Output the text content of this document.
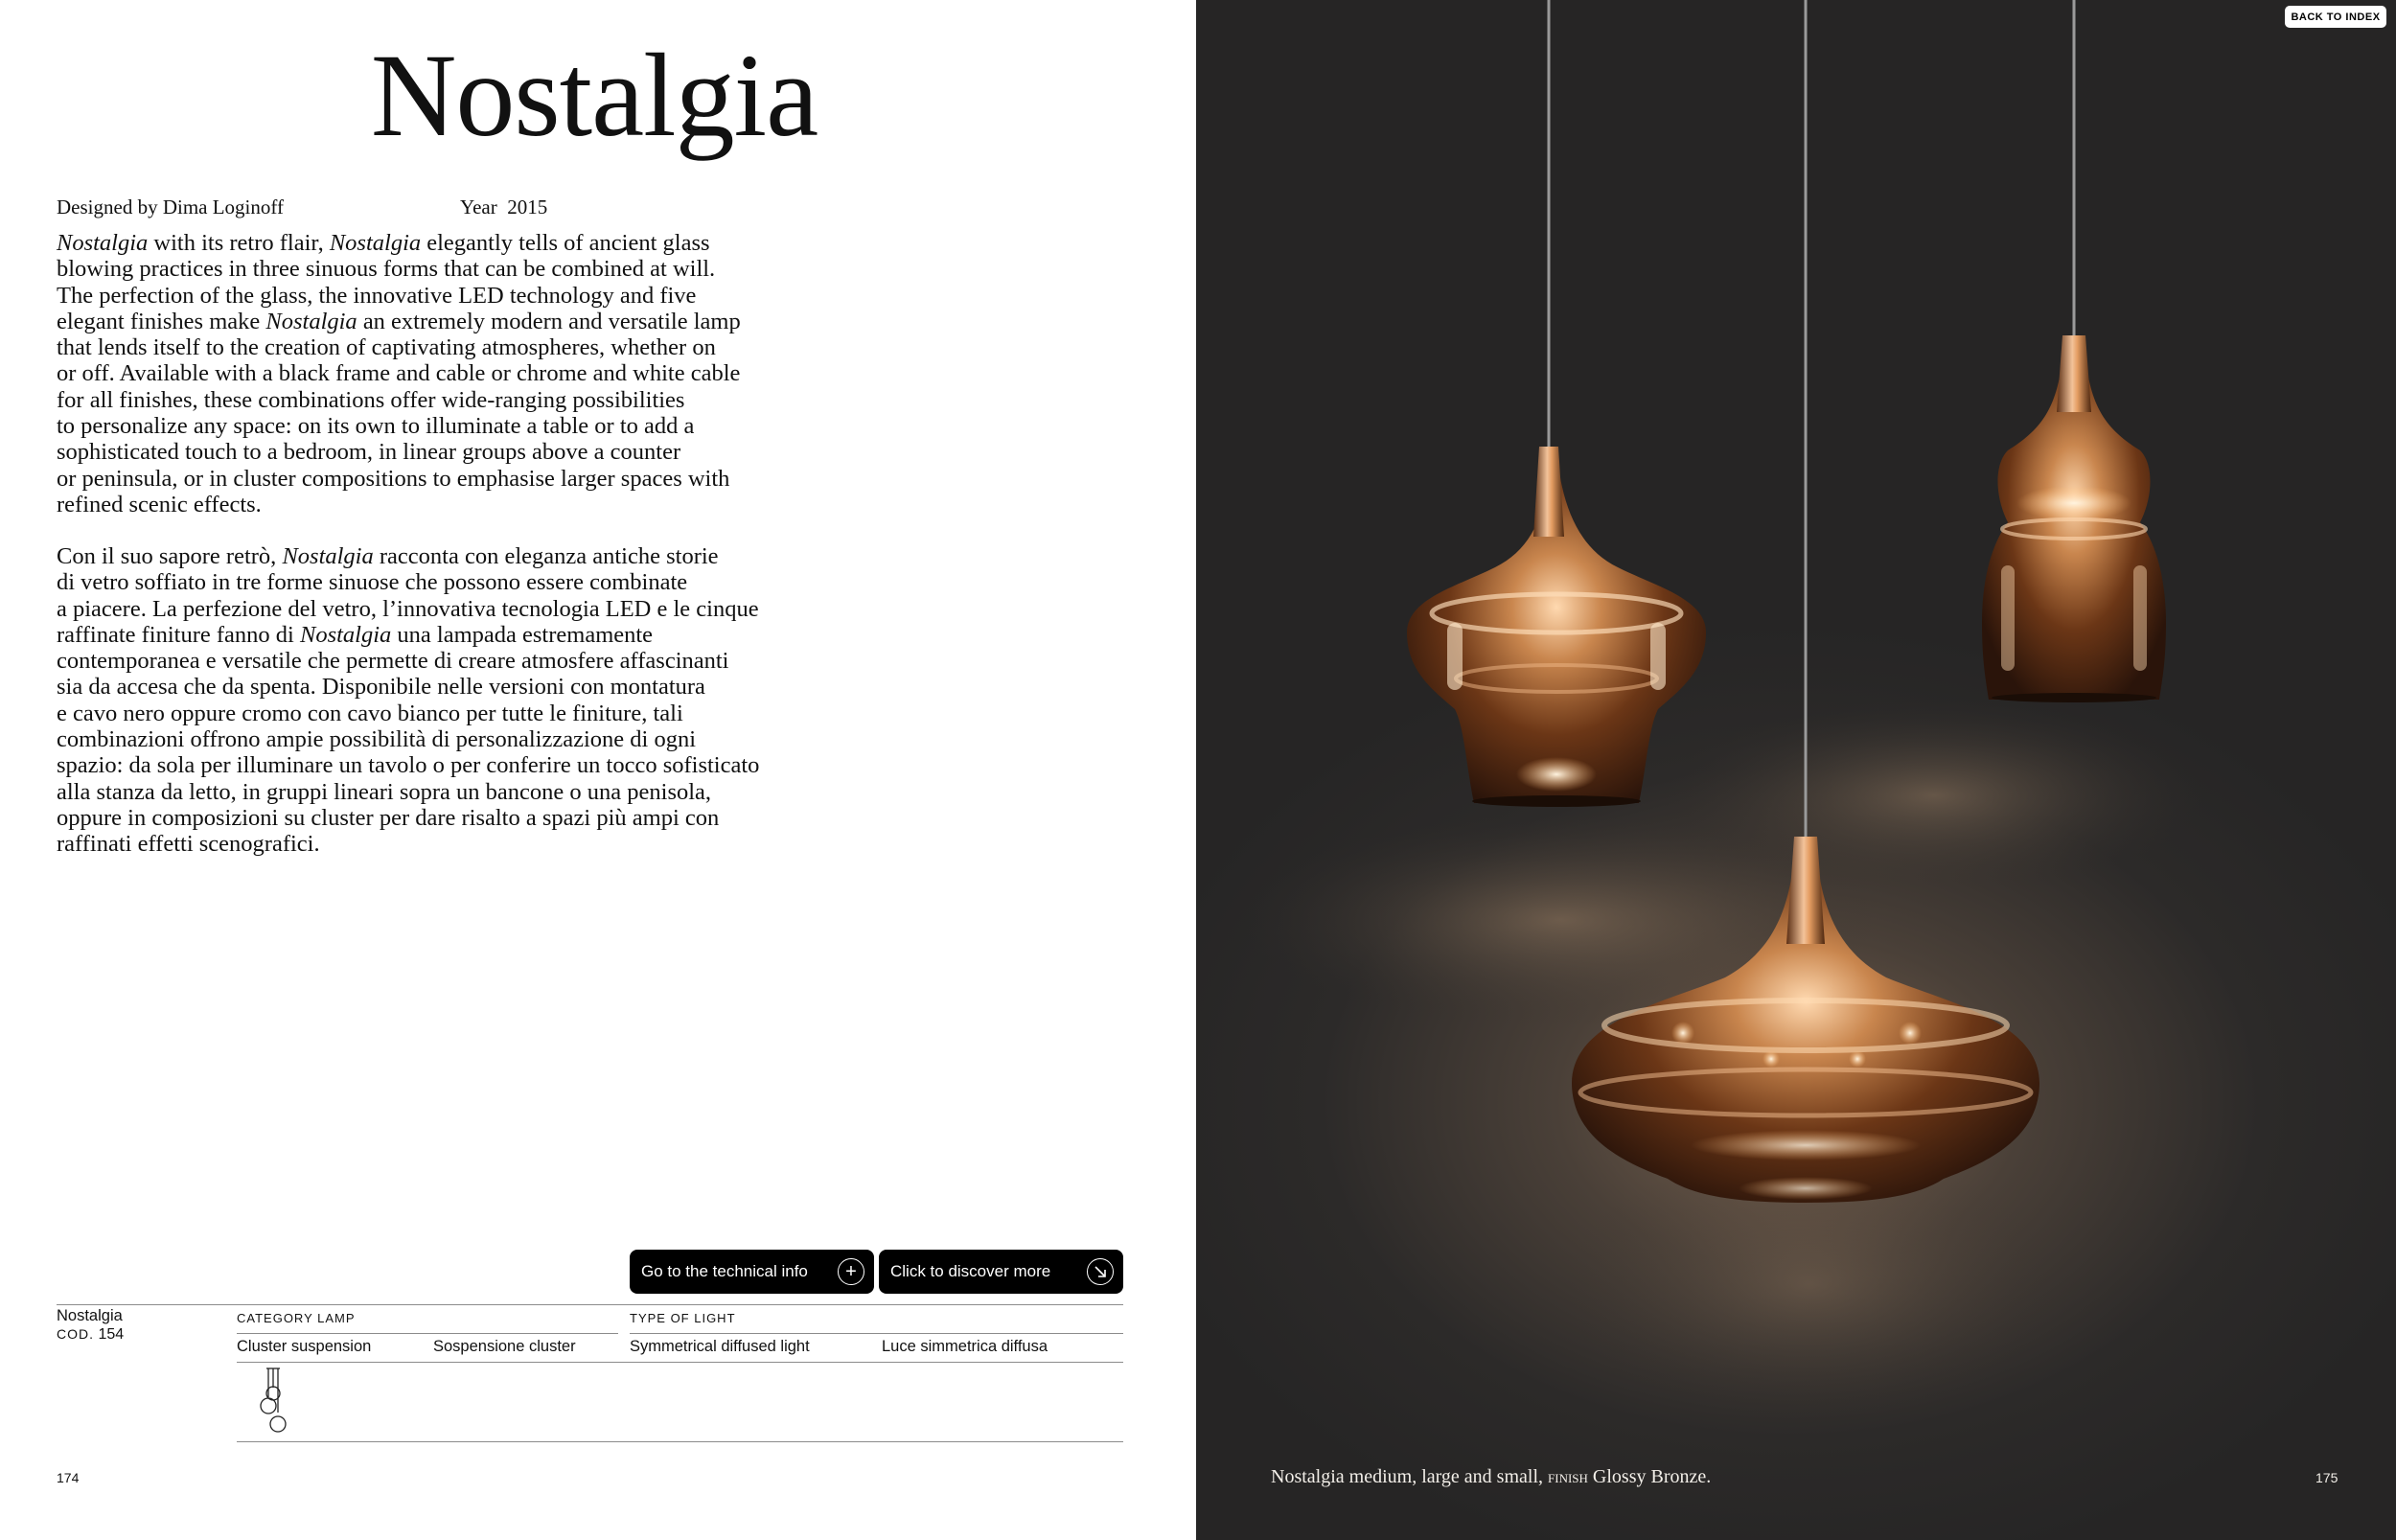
Nostalgia
Designed by Dima Loginoff	Year 2015

Nostalgia with its retro flair, Nostalgia elegantly tells of ancient glass
blowing practices in three sinuous forms that can be combined at will.
The perfection of the glass, the innovative LED technology and five
elegant finishes make Nostalgia an extremely modern and versatile lamp
that lends itself to the creation of captivating atmospheres, whether on
or off. Available with a black frame and cable or chrome and white cable
for all finishes, these combinations offer wide-ranging possibilities
to personalize any space: on its own to illuminate a table or to add a
sophisticated touch to a bedroom, in linear groups above a counter
or peninsula, or in cluster compositions to emphasise larger spaces with
refined scenic effects.

Con il suo sapore retrò, Nostalgia racconta con eleganza antiche storie
di vetro soffiato in tre forme sinuose che possono essere combinate
a piacere. La perfezione del vetro, l’innovativa tecnologia LED e le cinque
raffinate finiture fanno di Nostalgia una lampada estremamente
contemporanea e versatile che permette di creare atmosfere affascinanti
sia da accesa che da spenta. Disponibile nelle versioni con montatura
e cavo nero oppure cromo con cavo bianco per tutte le finiture, tali
combinazioni offrono ampie possibilità di personalizzazione di ogni
spazio: da sola per illuminare un tavolo o per conferire un tocco sofisticato
alla stanza da letto, in gruppi lineari sopra un bancone o una penisola,
oppure in composizioni su cluster per dare risalto a spazi più ampi con
raffinati effetti scenografici.

Go to the technical info	+	Click to discover more
Nostalgia
COD. 154
CATEGORY LAMP	TYPE OF LIGHT
Cluster suspension	Sospensione cluster	Symmetrical diffused light	Luce simmetrica diffusa
174
BACK TO INDEX
Nostalgia medium, large and small, finish Glossy Bronze.	175
